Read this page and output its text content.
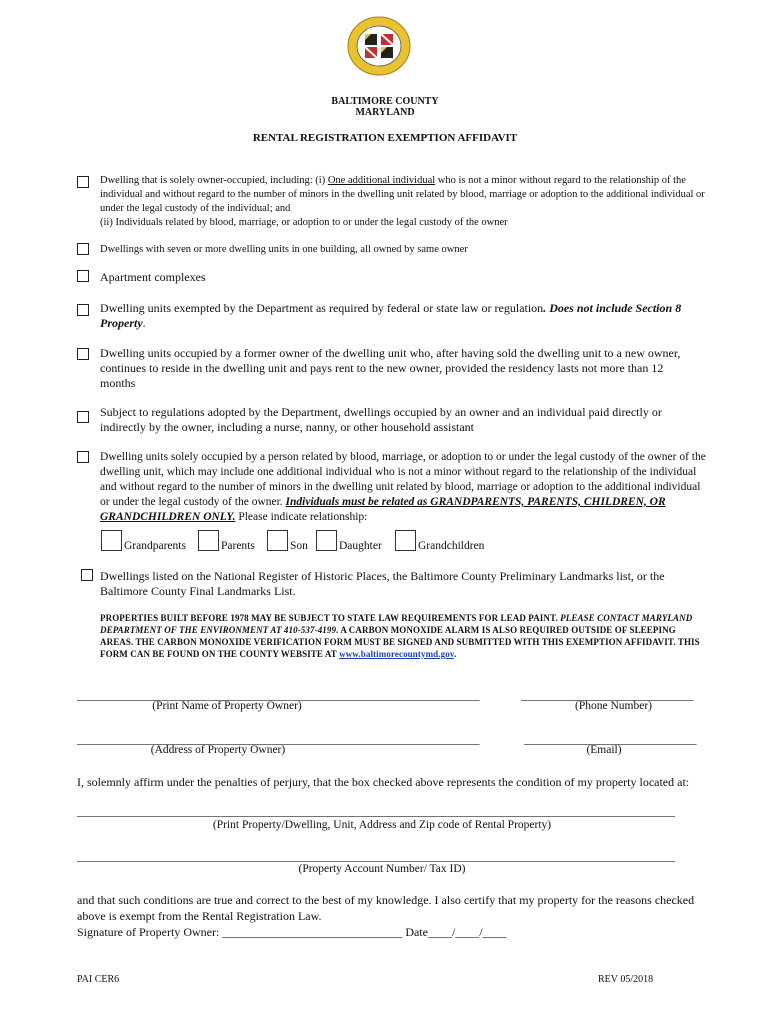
BALTIMORE COUNTY
MARYLAND
RENTAL REGISTRATION EXEMPTION AFFIDAVIT
Dwelling that is solely owner-occupied, including: (i) One additional individual who is not a minor without regard to the relationship of the individual and without regard to the number of minors in the dwelling unit related by blood, marriage or adoption to the additional individual or under the legal custody of the individual; and
(ii) Individuals related by blood, marriage, or adoption to or under the legal custody of the owner
Dwellings with seven or more dwelling units in one building, all owned by same owner
Apartment complexes
Dwelling units exempted by the Department as required by federal or state law or regulation. Does not include Section 8 Property.
Dwelling units occupied by a former owner of the dwelling unit who, after having sold the dwelling unit to a new owner, continues to reside in the dwelling unit and pays rent to the new owner, provided the residency lasts not more than 12 months
Subject to regulations adopted by the Department, dwellings occupied by an owner and an individual paid directly or indirectly by the owner, including a nurse, nanny, or other household assistant
Dwelling units solely occupied by a person related by blood, marriage, or adoption to or under the legal custody of the owner of the dwelling unit, which may include one additional individual who is not a minor without regard to the relationship of the individual and without regard to the number of minors in the dwelling unit related by blood, marriage or adoption to the additional individual or under the legal custody of the owner. Individuals must be related as GRANDPARENTS, PARENTS, CHILDREN, OR GRANDCHILDREN ONLY. Please indicate relationship:
Grandparents	Parents	Son	Daughter	Grandchildren
Dwellings listed on the National Register of Historic Places, the Baltimore County Preliminary Landmarks list, or the Baltimore County Final Landmarks List.
PROPERTIES BUILT BEFORE 1978 MAY BE SUBJECT TO STATE LAW REQUIREMENTS FOR LEAD PAINT. PLEASE CONTACT MARYLAND DEPARTMENT OF THE ENVIRONMENT AT 410-537-4199. A CARBON MONOXIDE ALARM IS ALSO REQUIRED OUTSIDE OF SLEEPING AREAS. THE CARBON MONOXIDE VERIFICATION FORM MUST BE SIGNED AND SUBMITTED WITH THIS EXEMPTION AFFIDAVIT. THIS FORM CAN BE FOUND ON THE COUNTY WEBSITE AT www.baltimorecountymd.gov.
______________________________________________________________________
(Print Name of Property Owner)
______________________________
(Phone Number)
______________________________________________________________________
(Address of Property Owner)
______________________________
(Email)
I, solemnly affirm under the penalties of perjury, that the box checked above represents the condition of my property located at:
________________________________________________________________________________________________________
(Print Property/Dwelling, Unit, Address and Zip code of Rental Property)
________________________________________________________________________________________________________
(Property Account Number/ Tax ID)
and that such conditions are true and correct to the best of my knowledge. I also certify that my property for the reasons checked above is exempt from the Rental Registration Law.
Signature of Property Owner: ______________________________ Date____/____/____
PAI CER6	REV 05/2018
